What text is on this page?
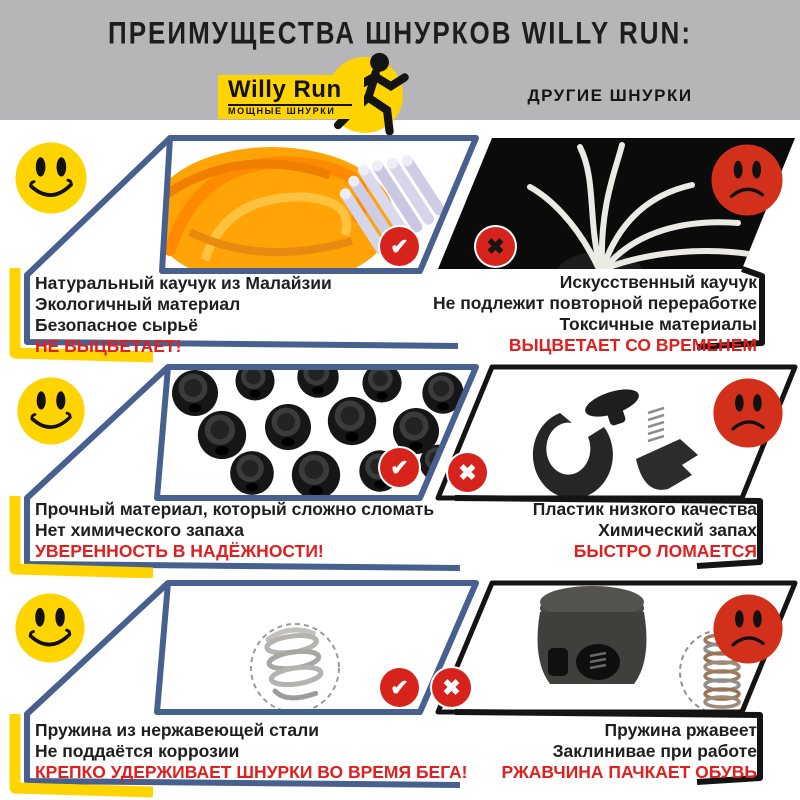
ПРЕИМУЩЕСТВА ШНУРКОВ WILLY RUN:
Willy Run
МОЩНЫЕ ШНУРКИ
ДРУГИЕ ШНУРКИ
✔	✖
Натуральный каучук из Малайзии
Экологичный материал
Безопасное сырьё
НЕ ВЫЦВЕТАЕТ!
Искусственный каучук
Не подлежит повторной переработке
Токсичные материалы
ВЫЦВЕТАЕТ СО ВРЕМЕНЕМ
✔ ✖
Прочный материал, который сложно сломать
Нет химического запаха
УВЕРЕННОСТЬ В НАДЁЖНОСТИ!
Пластик низкого качества
Химический запах
БЫСТРО ЛОМАЕТСЯ
✔ ✖
Пружина из нержавеющей стали
Не поддаётся коррозии
КРЕПКО УДЕРЖИВАЕТ ШНУРКИ ВО ВРЕМЯ БЕГА!
Пружина ржавеет
Заклинивае при работе
РЖАВЧИНА ПАЧКАЕТ ОБУВЬ
